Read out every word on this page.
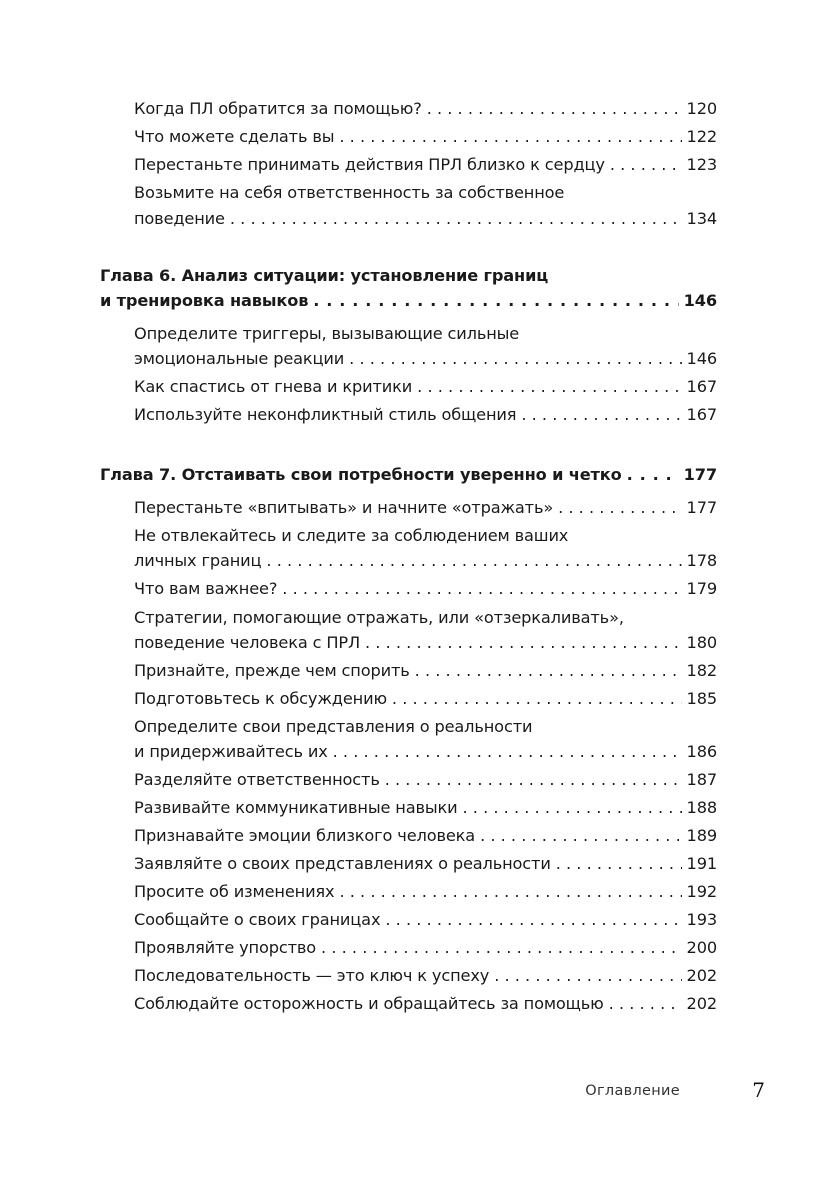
Когда ПЛ обратится за помощью? . . .	120
Что можете сделать вы . . .	122
Перестаньте принимать действия ПРЛ близко к сердцу . . .	123
Возьмите на себя ответственность за собственное
поведение . . .	134
Глава 6. Анализ ситуации: установление границ
и тренировка навыков . . .	146
Определите триггеры, вызывающие сильные
эмоциональные реакции . . .	146
Как спастись от гнева и критики . . .	167
Используйте неконфликтный стиль общения . . .	167
Глава 7. Отстаивать свои потребности уверенно и четко . . .	177
Перестаньте «впитывать» и начните «отражать» . . .	177
Не отвлекайтесь и следите за соблюдением ваших
личных границ . . .	178
Что вам важнее? . . .	179
Стратегии, помогающие отражать, или «отзеркаливать»,
поведение человека с ПРЛ . . .	180
Признайте, прежде чем спорить . . .	182
Подготовьтесь к обсуждению . . .	185
Определите свои представления о реальности
и придерживайтесь их . . .	186
Разделяйте ответственность . . .	187
Развивайте коммуникативные навыки . . .	188
Признавайте эмоции близкого человека . . .	189
Заявляйте о своих представлениях о реальности . . .	191
Просите об изменениях . . .	192
Сообщайте о своих границах . . .	193
Проявляйте упорство . . .	200
Последовательность — это ключ к успеху . . .	202
Соблюдайте осторожность и обращайтесь за помощью . . .	202
Оглавление	7
